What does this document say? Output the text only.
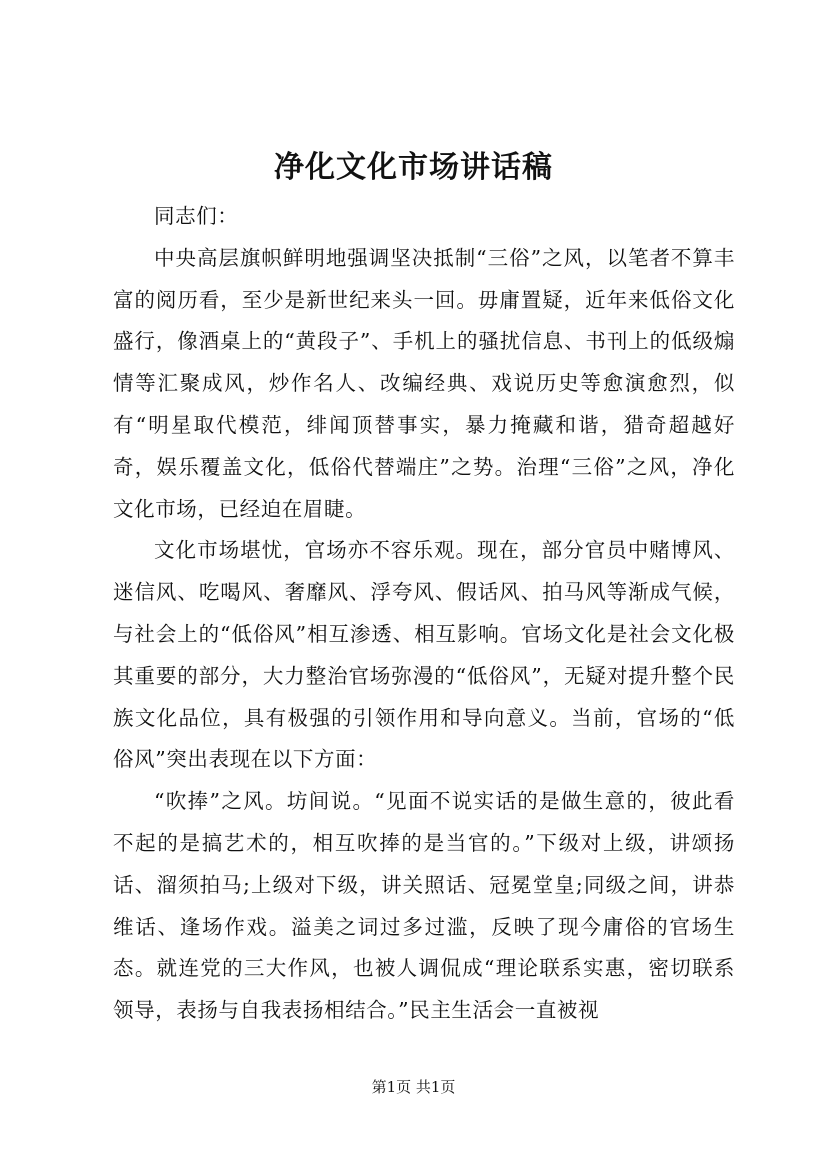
净化文化市场讲话稿

同志们：

中央高层旗帜鲜明地强调坚决抵制“三俗”之风，以笔者不算丰富的阅历看，至少是新世纪来头一回。毋庸置疑，近年来低俗文化盛行，像酒桌上的“黄段子”、手机上的骚扰信息、书刊上的低级煽情等汇聚成风，炒作名人、改编经典、戏说历史等愈演愈烈，似有“明星取代模范，绯闻顶替事实，暴力掩藏和谐，猎奇超越好奇，娱乐覆盖文化，低俗代替端庄”之势。治理“三俗”之风，净化文化市场，已经迫在眉睫。

文化市场堪忧，官场亦不容乐观。现在，部分官员中赌博风、迷信风、吃喝风、奢靡风、浮夸风、假话风、拍马风等渐成气候，与社会上的“低俗风”相互渗透、相互影响。官场文化是社会文化极其重要的部分，大力整治官场弥漫的“低俗风”，无疑对提升整个民族文化品位，具有极强的引领作用和导向意义。当前，官场的“低俗风”突出表现在以下方面：

“吹捧”之风。坊间说。“见面不说实话的是做生意的，彼此看不起的是搞艺术的，相互吹捧的是当官的。”下级对上级，讲颂扬话、溜须拍马;上级对下级，讲关照话、冠冕堂皇;同级之间，讲恭维话、逢场作戏。溢美之词过多过滥，反映了现今庸俗的官场生态。就连党的三大作风，也被人调侃成“理论联系实惠，密切联系领导，表扬与自我表扬相结合。”民主生活会一直被视

第1页 共1页
